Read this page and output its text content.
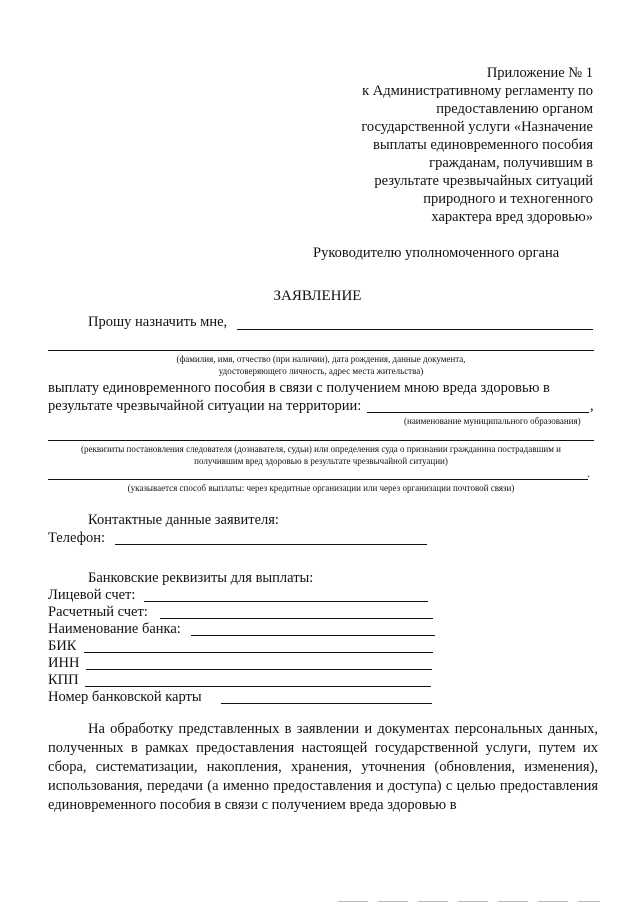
Приложение № 1
к Административному регламенту по
предоставлению органом
государственной услуги «Назначение
выплаты единовременного пособия
гражданам, получившим в
результате чрезвычайных ситуаций
природного и техногенного
характера вред здоровью»
Руководителю уполномоченного органа
ЗАЯВЛЕНИЕ
Прошу назначить мне,
(фамилия, имя, отчество (при наличии), дата рождения, данные документа,
удостоверяющего личность, адрес места жительства)
выплату единовременного пособия в связи с получением мною вреда здоровью в
результате чрезвычайной ситуации на территории:	,
(наименование муниципального образования)
(реквизиты постановления следователя (дознавателя, судьи) или определения суда о признании гражданина пострадавшим и
получившим вред здоровью в результате чрезвычайной ситуации)
.
(указывается способ выплаты: через кредитные организации или через организации почтовой связи)
Контактные данные заявителя:
Телефон:
Банковские реквизиты для выплаты:
Лицевой счет:
Расчетный счет:
Наименование банка:
БИК
ИНН
КПП
Номер банковской карты

На обработку представленных в заявлении и документах персональных данных, полученных в рамках предоставления настоящей государственной услуги, путем их сбора, систематизации, накопления, хранения, уточнения (обновления, изменения), использования, передачи (а именно предоставления и доступа) с целью предоставления единовременного пособия в связи с получением вреда здоровью в
